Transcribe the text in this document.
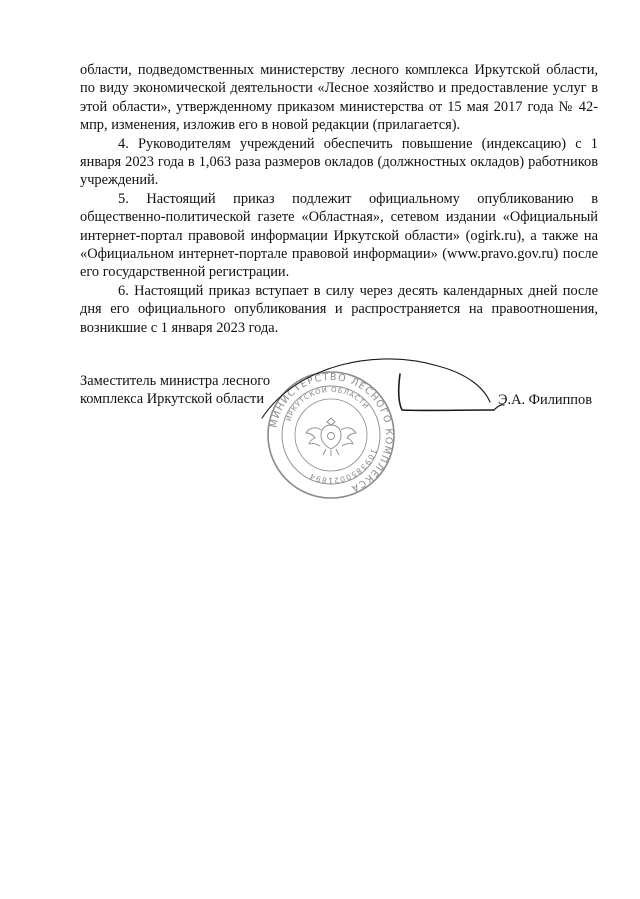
области, подведомственных министерству лесного комплекса Иркутской области, по виду экономической деятельности «Лесное хозяйство и предоставление услуг в этой области», утвержденному приказом министерства от 15 мая 2017 года № 42-мпр, изменения, изложив его в новой редакции (прилагается).

4. Руководителям учреждений обеспечить повышение (индексацию) с 1 января 2023 года в 1,063 раза размеров окладов (должностных окладов) работников учреждений.

5. Настоящий приказ подлежит официальному опубликованию в общественно-политической газете «Областная», сетевом издании «Официальный интернет-портал правовой информации Иркутской области» (ogirk.ru), а также на «Официальном интернет-портале правовой информации» (www.pravo.gov.ru) после его государственной регистрации.

6. Настоящий приказ вступает в силу через десять календарных дней после дня его официального опубликования и распространяется на правоотношения, возникшие с 1 января 2023 года.

МИНИСТЕРСТВО ЛЕСНОГО КОМПЛЕКСА
1093850021894
ИРКУТСКОЙ ОБЛАСТИ

Заместитель министра лесного
комплекса Иркутской области	Э.А. Филиппов
